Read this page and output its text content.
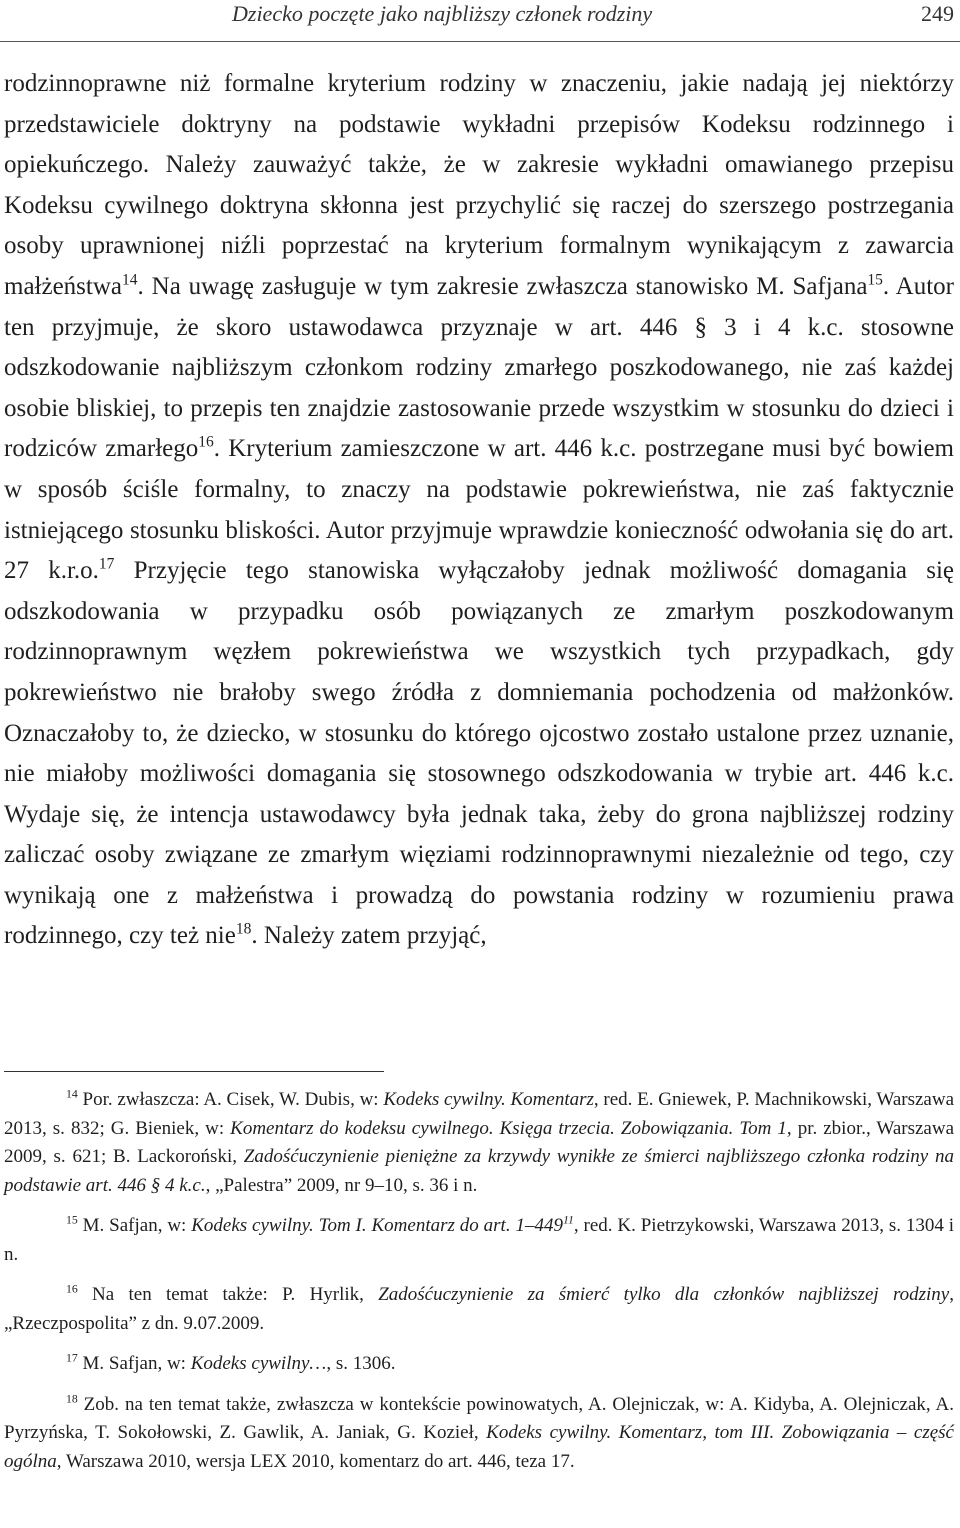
Dziecko poczęte jako najbliższy członek rodziny	249

rodzinnoprawne niż formalne kryterium rodziny w znaczeniu, jakie nadają jej niektórzy przedstawiciele doktryny na podstawie wykładni przepisów Kodeksu rodzinnego i opiekuńczego. Należy zauważyć także, że w zakresie wykładni omawianego przepisu Kodeksu cywilnego doktryna skłonna jest przychylić się raczej do szerszego postrzegania osoby uprawnionej niźli poprzestać na kryterium formalnym wynikającym z zawarcia małżeństwa$^{14}$. Na uwagę zasługuje w tym zakresie zwłaszcza stanowisko M. Safjana$^{15}$. Autor ten przyjmuje, że skoro ustawodawca przyznaje w art. 446 § 3 i 4 k.c. stosowne odszkodowanie najbliższym członkom rodziny zmarłego poszkodowanego, nie zaś każdej osobie bliskiej, to przepis ten znajdzie zastosowanie przede wszystkim w stosunku do dzieci i rodziców zmarłego$^{16}$. Kryterium zamieszczone w art. 446 k.c. postrzegane musi być bowiem w sposób ściśle formalny, to znaczy na podstawie pokrewieństwa, nie zaś faktycznie istniejącego stosunku bliskości. Autor przyjmuje wprawdzie konieczność odwołania się do art. 27 k.r.o.$^{17}$ Przyjęcie tego stanowiska wyłączałoby jednak możliwość domagania się odszkodowania w przypadku osób powiązanych ze zmarłym poszkodowanym rodzinnoprawnym węzłem pokrewieństwa we wszystkich tych przypadkach, gdy pokrewieństwo nie brałoby swego źródła z domniemania pochodzenia od małżonków. Oznaczałoby to, że dziecko, w stosunku do którego ojcostwo zostało ustalone przez uznanie, nie miałoby możliwości domagania się stosownego odszkodowania w trybie art. 446 k.c. Wydaje się, że intencja ustawodawcy była jednak taka, żeby do grona najbliższej rodziny zaliczać osoby związane ze zmarłym więziami rodzinnoprawnymi niezależnie od tego, czy wynikają one z małżeństwa i prowadzą do powstania rodziny w rozumieniu prawa rodzinnego, czy też nie$^{18}$. Należy zatem przyjąć,

$^{14}$ Por. zwłaszcza: A. Cisek, W. Dubis, w: Kodeks cywilny. Komentarz, red. E. Gniewek, P. Machnikowski, Warszawa 2013, s. 832; G. Bieniek, w: Komentarz do kodeksu cywilnego. Księga trzecia. Zobowiązania. Tom 1, pr. zbior., Warszawa 2009, s. 621; B. Lackoroński, Zadośćuczynienie pieniężne za krzywdy wynikłe ze śmierci najbliższego członka rodziny na podstawie art. 446 § 4 k.c., „Palestra” 2009, nr 9–10, s. 36 i n.

$^{15}$ M. Safjan, w: Kodeks cywilny. Tom I. Komentarz do art. $1-449^{11}$, red. K. Pietrzykowski, Warszawa 2013, s. 1304 i n.

$^{16}$ Na ten temat także: P. Hyrlik, Zadośćuczynienie za śmierć tylko dla członków najbliższej rodziny, „Rzeczpospolita” z dn. 9.07.2009.

$^{17}$ M. Safjan, w: Kodeks cywilny…, s. 1306.

$^{18}$ Zob. na ten temat także, zwłaszcza w kontekście powinowatych, A. Olejniczak, w: A. Kidyba, A. Olejniczak, A. Pyrzyńska, T. Sokołowski, Z. Gawlik, A. Janiak, G. Kozieł, Kodeks cywilny. Komentarz, tom III. Zobowiązania – część ogólna, Warszawa 2010, wersja LEX 2010, komentarz do art. 446, teza 17.
